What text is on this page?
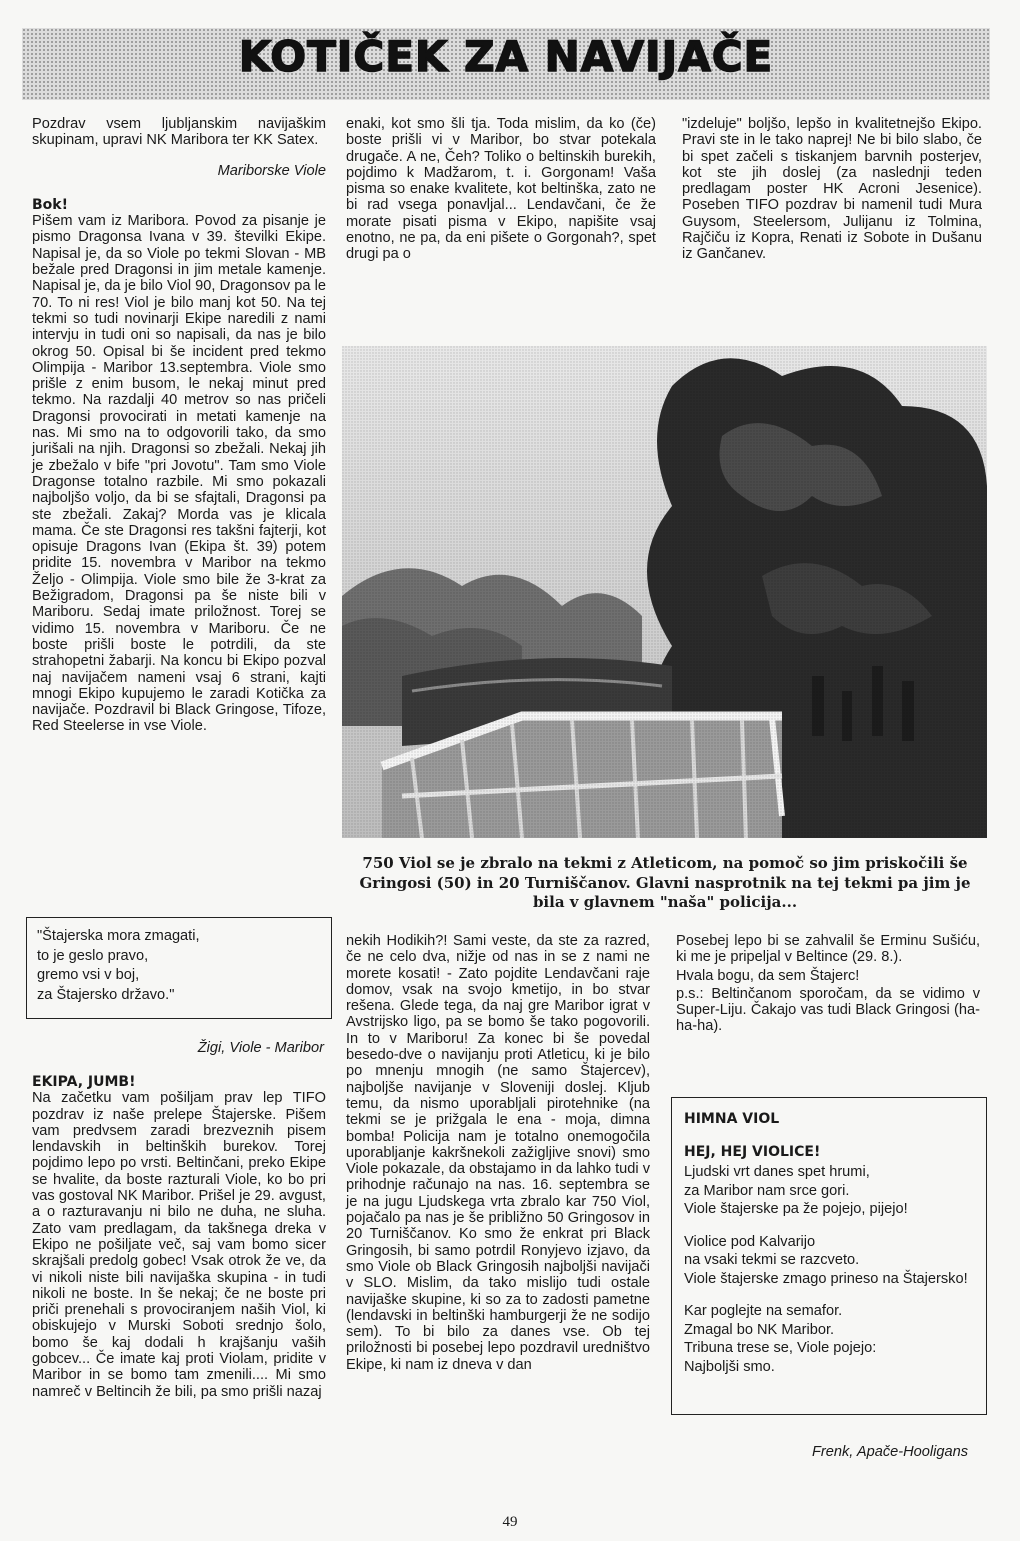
KOTIČEK ZA NAVIJAČE

Pozdrav vsem ljubljanskim navijaškim skupinam, upravi NK Maribora ter KK Satex.

Mariborske Viole

Bok!

Pišem vam iz Maribora. Povod za pisanje je pismo Dragonsa Ivana v 39. številki Ekipe. Napisal je, da so Viole po tekmi Slovan - MB bežale pred Dragonsi in jim metale kamenje. Napisal je, da je bilo Viol 90, Dragonsov pa le 70. To ni res! Viol je bilo manj kot 50. Na tej tekmi so tudi novinarji Ekipe naredili z nami intervju in tudi oni so napisali, da nas je bilo okrog 50. Opisal bi še incident pred tekmo Olimpija - Maribor 13.septembra. Viole smo prišle z enim busom, le nekaj minut pred tekmo. Na razdalji 40 metrov so nas pričeli Dragonsi provocirati in metati kamenje na nas. Mi smo na to odgovorili tako, da smo jurišali na njih. Dragonsi so zbežali. Nekaj jih je zbežalo v bife "pri Jovotu". Tam smo Viole Dragonse totalno razbile. Mi smo pokazali najboljšo voljo, da bi se sfajtali, Dragonsi pa ste zbežali. Zakaj? Morda vas je klicala mama. Če ste Dragonsi res takšni fajterji, kot opisuje Dragons Ivan (Ekipa št. 39) potem pridite 15. novembra v Maribor na tekmo Željo - Olimpija. Viole smo bile že 3-krat za Bežigradom, Dragonsi pa še niste bili v Mariboru. Sedaj imate priložnost. Torej se vidimo 15. novembra v Mariboru. Če ne boste prišli boste le potrdili, da ste strahopetni žabarji. Na koncu bi Ekipo pozval naj navijačem nameni vsaj 6 strani, kajti mnogi Ekipo kupujemo le zaradi Kotička za navijače. Pozdravil bi Black Gringose, Tifoze, Red Steelerse in vse Viole.

enaki, kot smo šli tja. Toda mislim, da ko (če) boste prišli vi v Maribor, bo stvar potekala drugače. A ne, Čeh? Toliko o beltinskih burekih, pojdimo k Madžarom, t. i. Gorgonam! Vaša pisma so enake kvalitete, kot beltinška, zato ne bi rad vsega ponavljal... Lendavčani, če že morate pisati pisma v Ekipo, napišite vsaj enotno, ne pa, da eni pišete o Gorgonah?, spet drugi pa o

"izdeluje" boljšo, lepšo in kvalitetnejšo Ekipo. Pravi ste in le tako naprej! Ne bi bilo slabo, če bi spet začeli s tiskanjem barvnih posterjev, kot ste jih doslej (za naslednji teden predlagam poster HK Acroni Jesenice). Poseben TIFO pozdrav bi namenil tudi Mura Guysom, Steelersom, Julijanu iz Tolmina, Rajčiču iz Kopra, Renati iz Sobote in Dušanu iz Gančanev.

750 Viol se je zbralo na tekmi z Atleticom, na pomoč so jim priskočili še Gringosi (50) in 20 Turniščanov. Glavni nasprotnik na tej tekmi pa jim je bila v glavnem "naša" policija...
"Štajerska mora zmagati,
to je geslo pravo,
gremo vsi v boj,
za Štajersko državo."
Žigi, Viole - Maribor

EKIPA, JUMB!

Na začetku vam pošiljam prav lep TIFO pozdrav iz naše prelepe Štajerske. Pišem vam predvsem zaradi brezveznih pisem lendavskih in beltinških burekov. Torej pojdimo lepo po vrsti. Beltinčani, preko Ekipe se hvalite, da boste razturali Viole, ko bo pri vas gostoval NK Maribor. Prišel je 29. avgust, a o razturavanju ni bilo ne duha, ne sluha. Zato vam predlagam, da takšnega dreka v Ekipo ne pošiljate več, saj vam bomo sicer skrajšali predolg gobec! Vsak otrok že ve, da vi nikoli niste bili navijaška skupina - in tudi nikoli ne boste. In še nekaj; če ne boste pri priči prenehali s provociranjem naših Viol, ki obiskujejo v Murski Soboti srednjo šolo, bomo še kaj dodali h krajšanju vaših gobcev... Če imate kaj proti Violam, pridite v Maribor in se bomo tam zmenili.... Mi smo namreč v Beltincih že bili, pa smo prišli nazaj

nekih Hodikih?! Sami veste, da ste za razred, če ne celo dva, nižje od nas in se z nami ne morete kosati! - Zato pojdite Lendavčani raje domov, vsak na svojo kmetijo, in bo stvar rešena. Glede tega, da naj gre Maribor igrat v Avstrijsko ligo, pa se bomo še tako pogovorili. In to v Mariboru! Za konec bi še povedal besedo-dve o navijanju proti Atleticu, ki je bilo po mnenju mnogih (ne samo Štajercev), najboljše navijanje v Sloveniji doslej. Kljub temu, da nismo uporabljali pirotehnike (na tekmi se je prižgala le ena - moja, dimna bomba! Policija nam je totalno onemogočila uporabljanje kakršnekoli zažigljive snovi) smo Viole pokazale, da obstajamo in da lahko tudi v prihodnje računajo na nas. 16. septembra se je na jugu Ljudskega vrta zbralo kar 750 Viol, pojačalo pa nas je še približno 50 Gringosov in 20 Turniščanov. Ko smo že enkrat pri Black Gringosih, bi samo potrdil Ronyjevo izjavo, da smo Viole ob Black Gringosih najboljši navijači v SLO. Mislim, da tako mislijo tudi ostale navijaške skupine, ki so za to zadosti pametne (lendavski in beltinški hamburgerji že ne sodijo sem). To bi bilo za danes vse. Ob tej priložnosti bi posebej lepo pozdravil uredništvo Ekipe, ki nam iz dneva v dan

Posebej lepo bi se zahvalil še Erminu Sušiću, ki me je pripeljal v Beltince (29. 8.).

Hvala bogu, da sem Štajerc!

p.s.: Beltinčanom sporočam, da se vidimo v Super-Liju. Čakajo vas tudi Black Gringosi (ha-ha-ha).

HIMNA VIOL
HEJ, HEJ VIOLICE!
Ljudski vrt danes spet hrumi,
za Maribor nam srce gori.
Viole štajerske pa že pojejo, pijejo!
Violice pod Kalvarijo
na vsaki tekmi se razcveto.
Viole štajerske zmago prineso na Štajersko!
Kar poglejte na semafor.
Zmagal bo NK Maribor.
Tribuna trese se, Viole pojejo:
Najboljši smo.
Frenk, Apače-Hooligans
49
